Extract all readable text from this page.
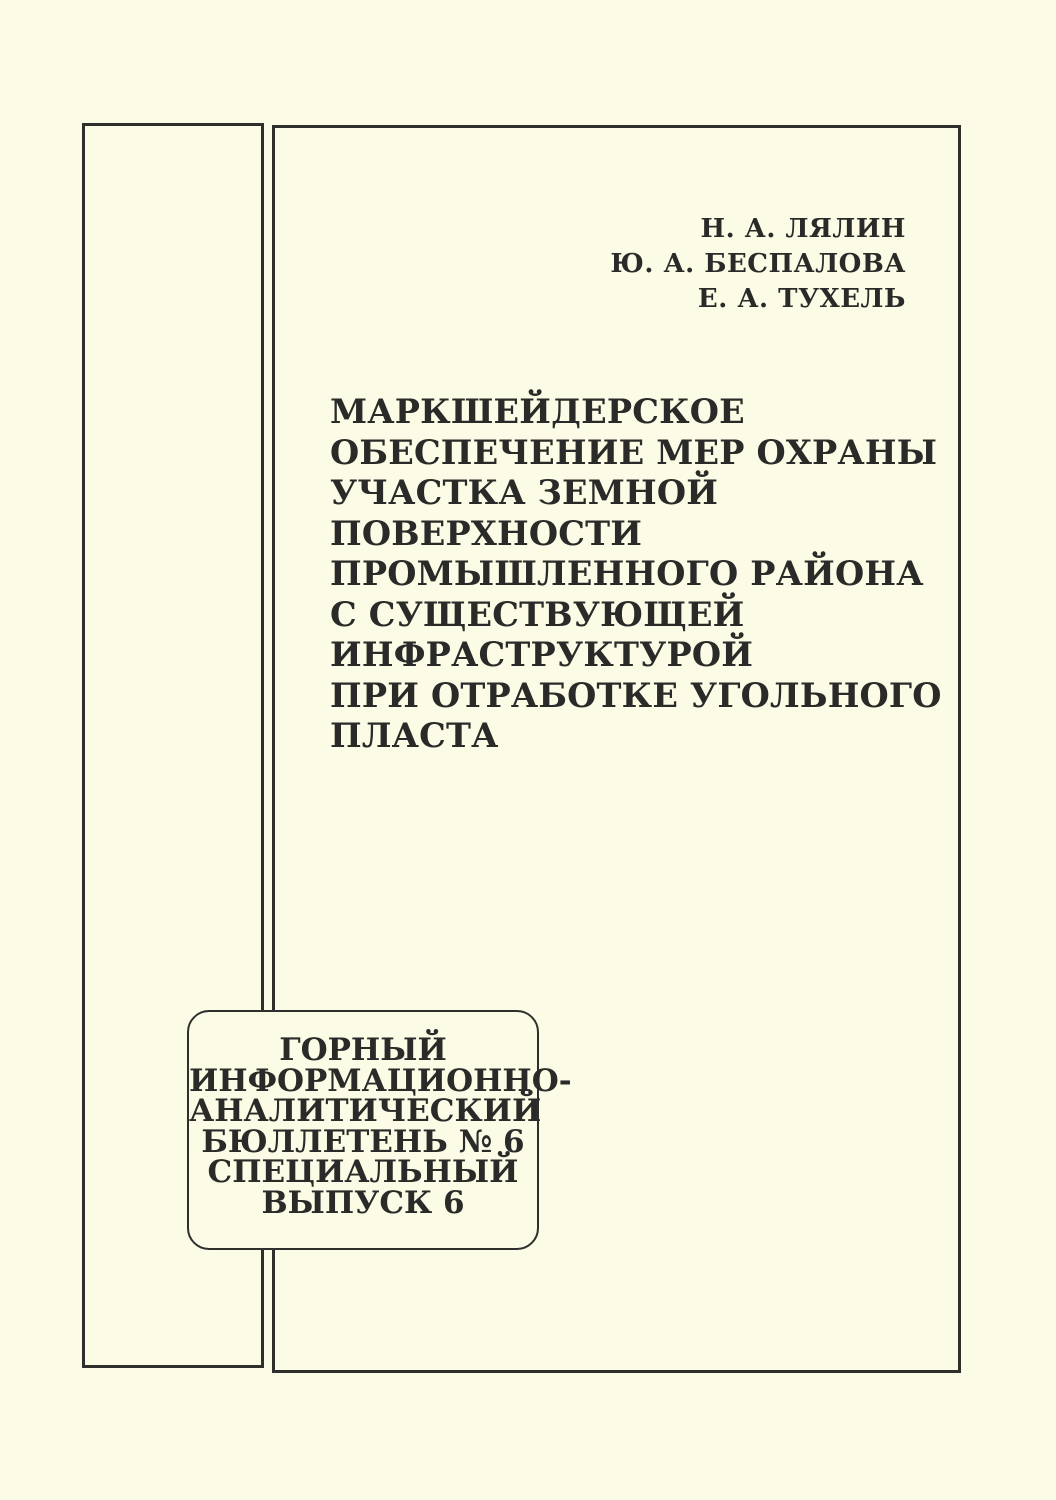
Н. А. ЛЯЛИН
Ю. А. БЕСПАЛОВА
Е. А. ТУХЕЛЬ
МАРКШЕЙДЕРСКОЕ
ОБЕСПЕЧЕНИЕ МЕР ОХРАНЫ
УЧАСТКА ЗЕМНОЙ
ПОВЕРХНОСТИ
ПРОМЫШЛЕННОГО РАЙОНА
С СУЩЕСТВУЮЩЕЙ
ИНФРАСТРУКТУРОЙ
ПРИ ОТРАБОТКЕ УГОЛЬНОГО
ПЛАСТА
ГОРНЫЙ
ИНФОРМАЦИОННО-
АНАЛИТИЧЕСКИЙ
БЮЛЛЕТЕНЬ № 6
СПЕЦИАЛЬНЫЙ
ВЫПУСК 6
